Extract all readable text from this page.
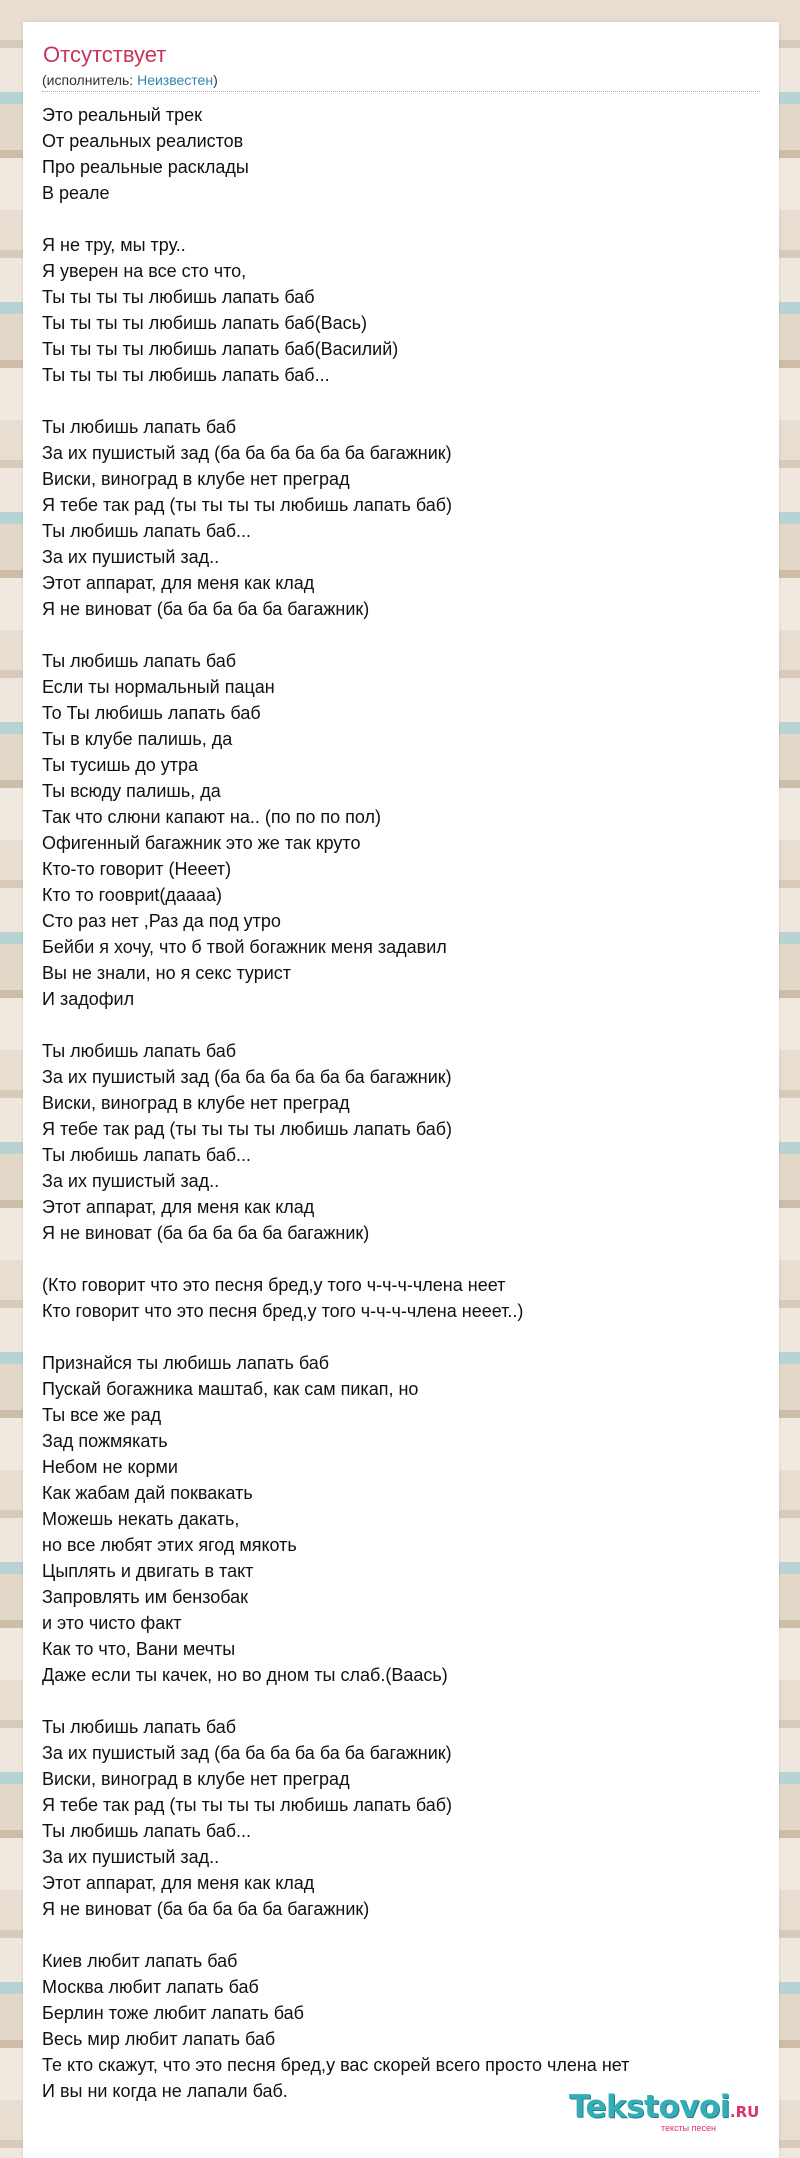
Отсутствует
(исполнитель: Неизвестен)
Это реальный трек
От реальных реалистов
Про реальные расклады
В реале

Я не тру, мы тру..
Я уверен на все сто что,
Ты ты ты ты любишь лапать баб
Ты ты ты ты любишь лапать баб(Вась)
Ты ты ты ты любишь лапать баб(Василий)
Ты ты ты ты любишь лапать баб...

Ты любишь лапать баб
За их пушистый зад (ба ба ба ба ба ба багажник)
Виски, виноград в клубе нет преград
Я тебе так рад (ты ты ты ты любишь лапать баб)
Ты любишь лапать баб...
За их пушистый зад..
Этот аппарат, для меня как клад
Я не виноват (ба ба ба ба ба багажник)

Ты любишь лапать баб
Если ты нормальный пацан
То Ты любишь лапать баб
Ты в клубе палишь, да
Ты тусишь до утра
Ты всюду палишь, да
Так что слюни капают на.. (по по по пол)
Офигенный багажник это же так круто
Кто-то говорит (Нееет)
Кто то гоовриt(даааа)
Сто раз нет ,Раз да под утро
Бейби я хочу, что б твой богажник меня задавил
Вы не знали, но я секс турист
И задофил

Ты любишь лапать баб
За их пушистый зад (ба ба ба ба ба ба багажник)
Виски, виноград в клубе нет преград
Я тебе так рад (ты ты ты ты любишь лапать баб)
Ты любишь лапать баб...
За их пушистый зад..
Этот аппарат, для меня как клад
Я не виноват (ба ба ба ба ба багажник)

(Кто говорит что это песня бред,у того ч-ч-ч-члена неет
Кто говорит что это песня бред,у того ч-ч-ч-члена нееет..)

Признайся ты любишь лапать баб
Пускай богажника маштаб, как сам пикап, но
Ты все же рад
Зад пожмякать
Небом не корми
Как жабам дай поквакать
Можешь некать дакать,
но все любят этих ягод мякоть
Цыплять и двигать в такт
Запровлять им бензобак
и это чисто факт
Как то что, Вани мечты
Даже если ты качек, но во дном ты слаб.(Ваась)

Ты любишь лапать баб
За их пушистый зад (ба ба ба ба ба ба багажник)
Виски, виноград в клубе нет преград
Я тебе так рад (ты ты ты ты любишь лапать баб)
Ты любишь лапать баб...
За их пушистый зад..
Этот аппарат, для меня как клад
Я не виноват (ба ба ба ба ба багажник)

Киев любит лапать баб
Москва любит лапать баб
Берлин тоже любит лапать баб
Весь мир любит лапать баб
Те кто скажут, что это песня бред,у вас скорей всего просто члена нет
И вы ни когда не лапали баб.	Tekstovoi.RU
тексты песен
